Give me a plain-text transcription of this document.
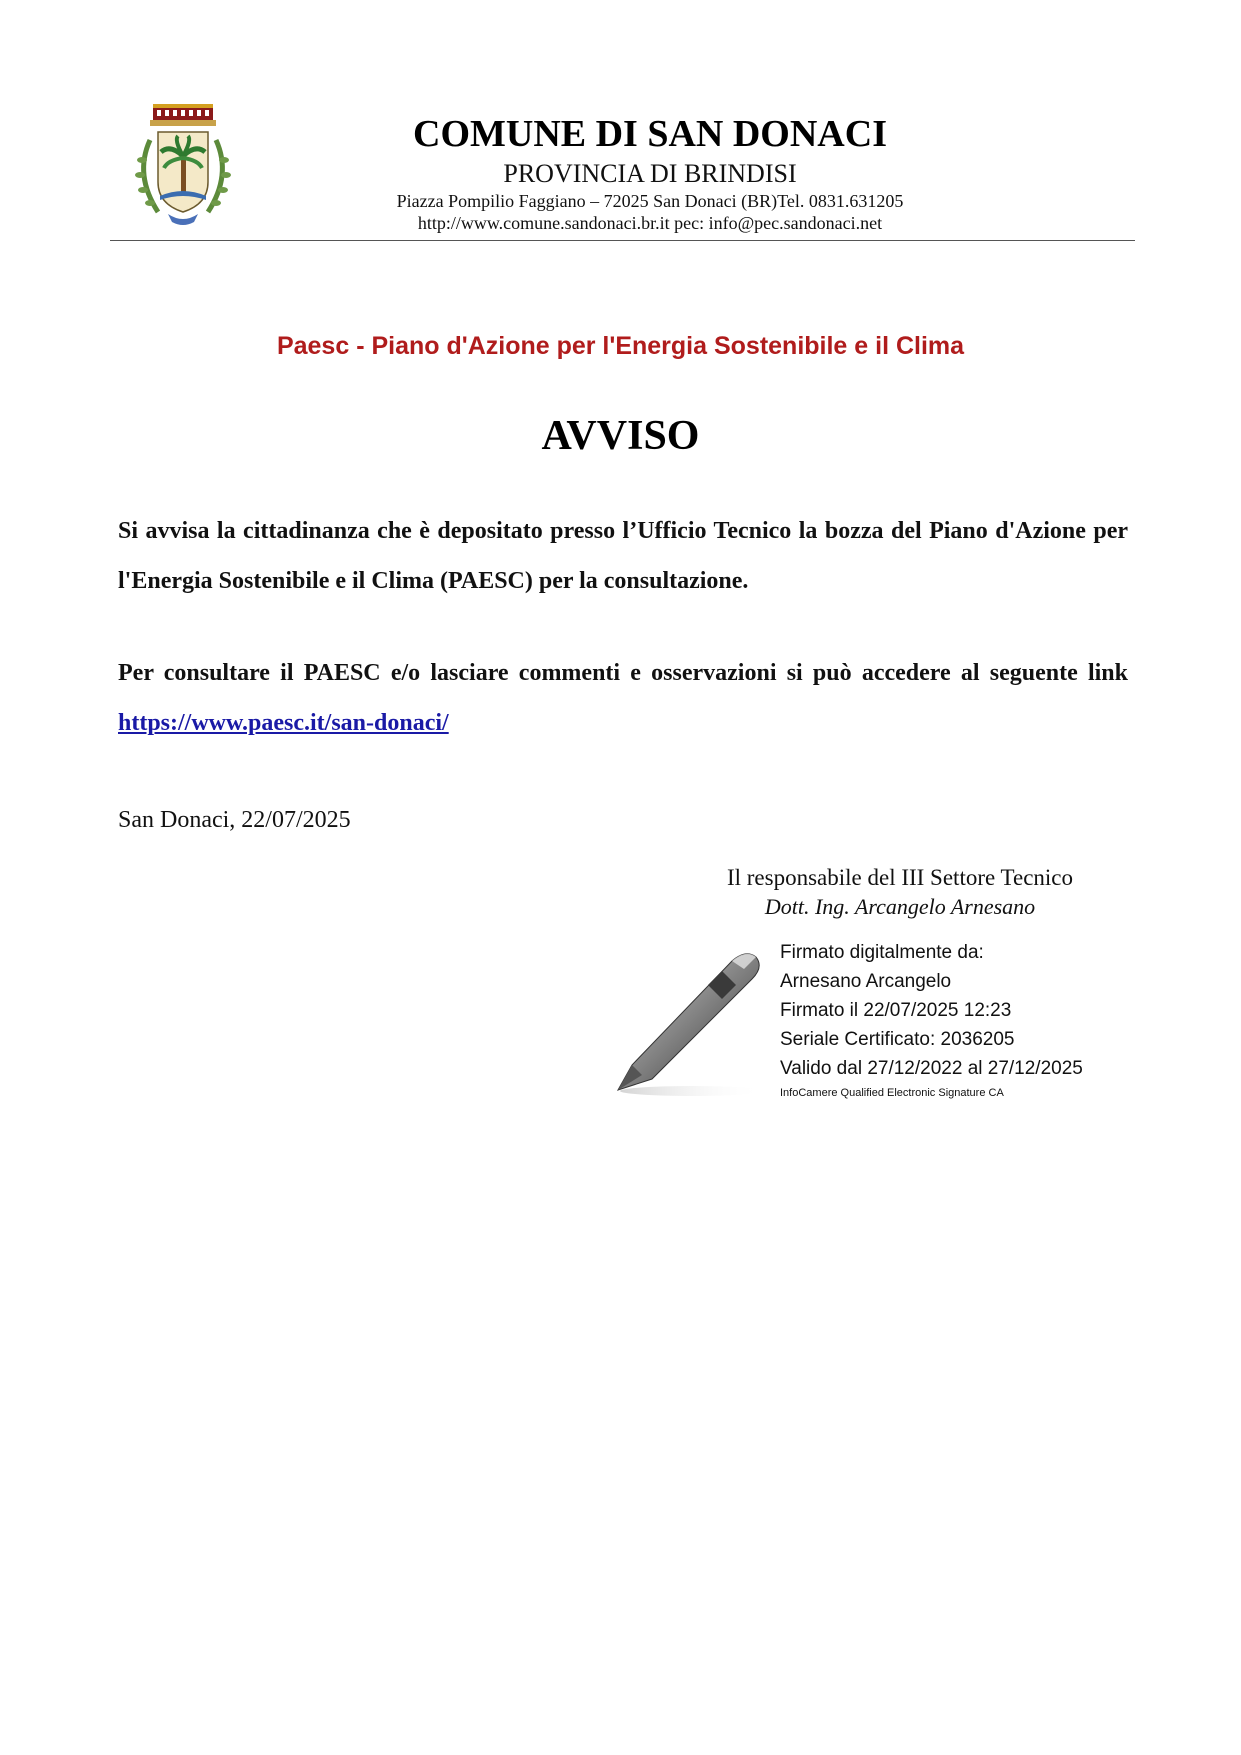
COMUNE DI SAN DONACI
PROVINCIA DI BRINDISI
Piazza Pompilio Faggiano – 72025 San Donaci (BR)Tel. 0831.631205
http://www.comune.sandonaci.br.it pec: info@pec.sandonaci.net
Paesc - Piano d'Azione per l'Energia Sostenibile e il Clima
AVVISO
Si avvisa la cittadinanza che è depositato presso l’Ufficio Tecnico la bozza del Piano d'Azione per l'Energia Sostenibile e il Clima (PAESC) per la consultazione.
Per consultare il PAESC e/o lasciare commenti e osservazioni si può accedere al seguente link https://www.paesc.it/san-donaci/
San Donaci, 22/07/2025
Il responsabile del III Settore Tecnico
Dott. Ing. Arcangelo Arnesano
Firmato digitalmente da:
Arnesano Arcangelo
Firmato il 22/07/2025 12:23
Seriale Certificato: 2036205
Valido dal 27/12/2022 al 27/12/2025
InfoCamere Qualified Electronic Signature CA
